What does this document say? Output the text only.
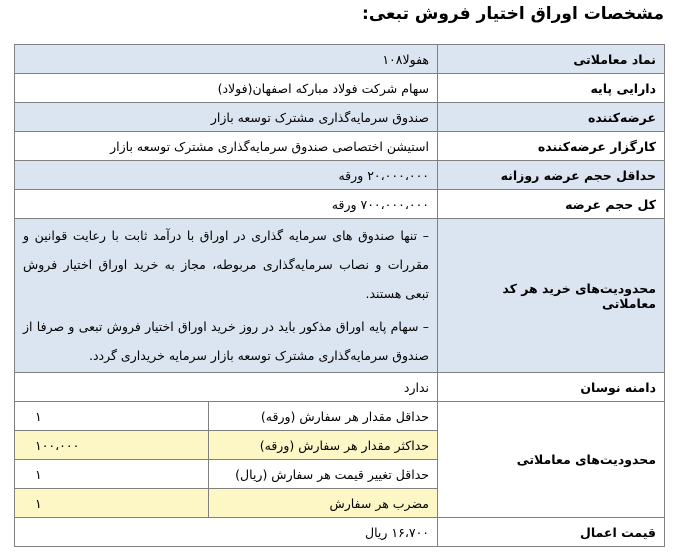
مشخصات اوراق اختیار فروش تبعی:
نماد معاملاتی	هفولا۱۰۸
دارایی پایه	سهام شرکت فولاد مبارکه اصفهان(فولاد)
عرضه‌کننده	صندوق سرمایه‌گذاری مشترک توسعه بازار
کارگزار عرضه‌کننده	استیشن اختصاصی صندوق سرمایه‌گذاری مشترک توسعه بازار
حداقل حجم عرضه روزانه	۲۰،۰۰۰،۰۰۰ ورقه
کل حجم عرضه	۷۰۰،۰۰۰،۰۰۰ ورقه
محدودیت‌های خرید هر کد معاملاتی	
– تنها صندوق های سرمایه گذاری در اوراق با درآمد ثابت با رعایت قوانین و مقررات و نصاب سرمایه‌گذاری مربوطه، مجاز به خرید اوراق اختیار فروش تبعی هستند.
– سهام پایه اوراق مذکور باید در روز خرید اوراق اختیار فروش تبعی و صرفا از صندوق سرمایه‌گذاری مشترک توسعه بازار سرمایه خریداری گردد.

دامنه نوسان	ندارد
محدودیت‌های معاملاتی	
حداقل مقدار هر سفارش (ورقه)	۱
حداکثر مقدار هر سفارش (ورقه)	۱۰۰،۰۰۰
حداقل تغییر قیمت هر سفارش (ریال)	۱
مضرب هر سفارش	۱

قیمت اعمال	۱۶،۷۰۰ ریال
